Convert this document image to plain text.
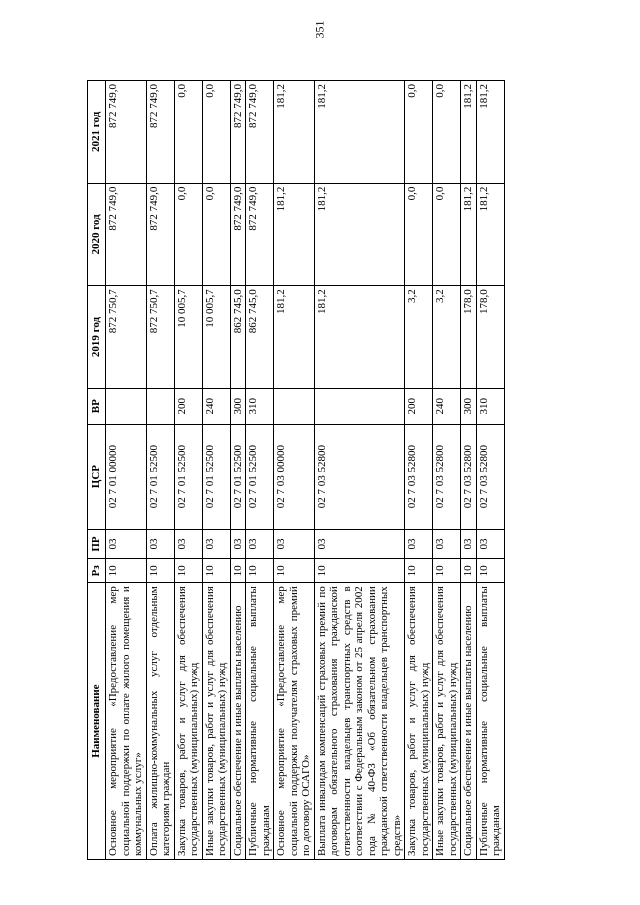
351
Наименование	Рз	ПР	ЦСР	ВР	2019 год	2020 год	2021 год
Основное мероприятие «Предоставление мер социальной поддержки по оплате жилого помещения и коммунальных услуг»	10	03	02 7 01 00000		872 750,7	872 749,0	872 749,0
Оплата жилищно-коммунальных услуг отдельным категориям граждан	10	03	02 7 01 52500		872 750,7	872 749,0	872 749,0
Закупка товаров, работ и услуг для обеспечения государственных (муниципальных) нужд	10	03	02 7 01 52500	200	10 005,7	0,0	0,0
Иные закупки товаров, работ и услуг для обеспечения государственных (муниципальных) нужд	10	03	02 7 01 52500	240	10 005,7	0,0	0,0
Социальное обеспечение и иные выплаты населению	10	03	02 7 01 52500	300	862 745,0	872 749,0	872 749,0
Публичные нормативные социальные выплаты гражданам	10	03	02 7 01 52500	310	862 745,0	872 749,0	872 749,0
Основное мероприятие «Предоставление мер социальной поддержки получателям страховых премий по договору ОСАГО»	10	03	02 7 03 00000		181,2	181,2	181,2
Выплата инвалидам компенсаций страховых премий по договорам обязательного страхования гражданской ответственности владельцев транспортных средств в соответствии с Федеральным законом от 25 апреля 2002 года № 40-ФЗ «Об обязательном страховании гражданской ответственности владельцев транспортных средств»	10	03	02 7 03 52800		181,2	181,2	181,2
Закупка товаров, работ и услуг для обеспечения государственных (муниципальных) нужд	10	03	02 7 03 52800	200	3,2	0,0	0,0
Иные закупки товаров, работ и услуг для обеспечения государственных (муниципальных) нужд	10	03	02 7 03 52800	240	3,2	0,0	0,0
Социальное обеспечение и иные выплаты населению	10	03	02 7 03 52800	300	178,0	181,2	181,2
Публичные нормативные социальные выплаты гражданам	10	03	02 7 03 52800	310	178,0	181,2	181,2
